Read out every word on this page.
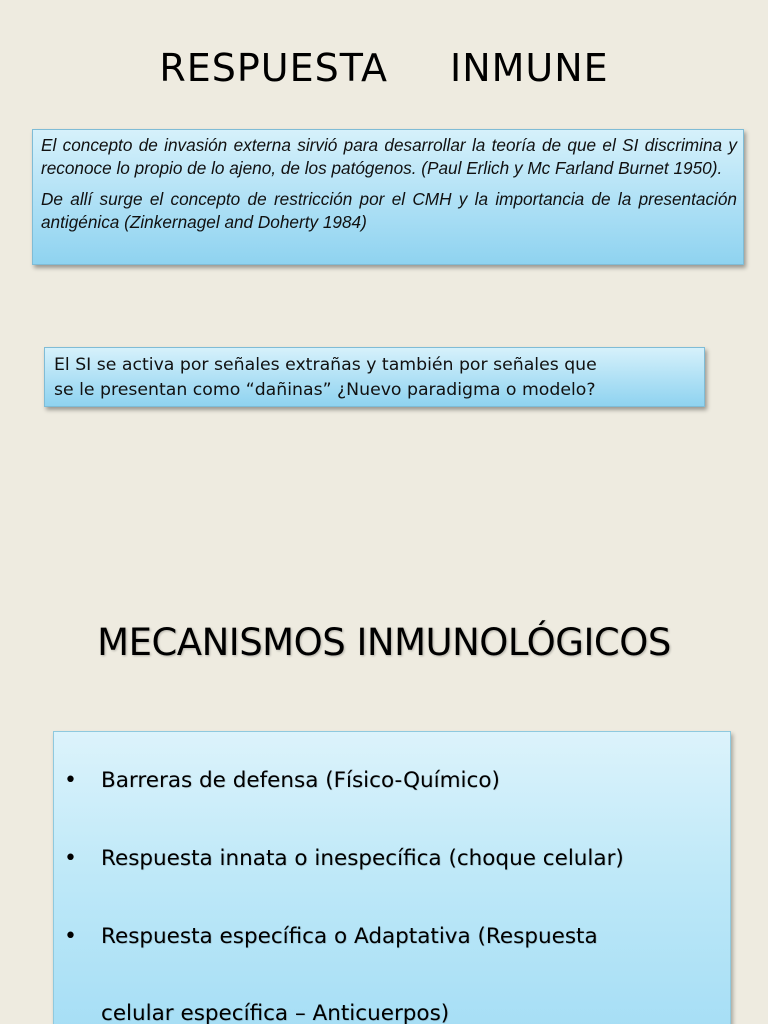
RESPUESTA INMUNE

El concepto de invasión externa sirvió para desarrollar la teoría de que el SI discrimina y reconoce lo propio de lo ajeno, de los patógenos. (Paul Erlich y Mc Farland Burnet 1950).

De allí surge el concepto de restricción por el CMH y la importancia de la presentación antigénica (Zinkernagel and Doherty 1984)

El SI se activa por señales extrañas y también por señales que

se le presentan como “dañinas” ¿Nuevo paradigma o modelo?

MECANISMOS INMUNOLÓGICOS
• Barreras de defensa (Físico-Químico)
• Respuesta innata o inespecífica (choque celular)
• Respuesta específica o Adaptativa (Respuesta
celular específica – Anticuerpos)
